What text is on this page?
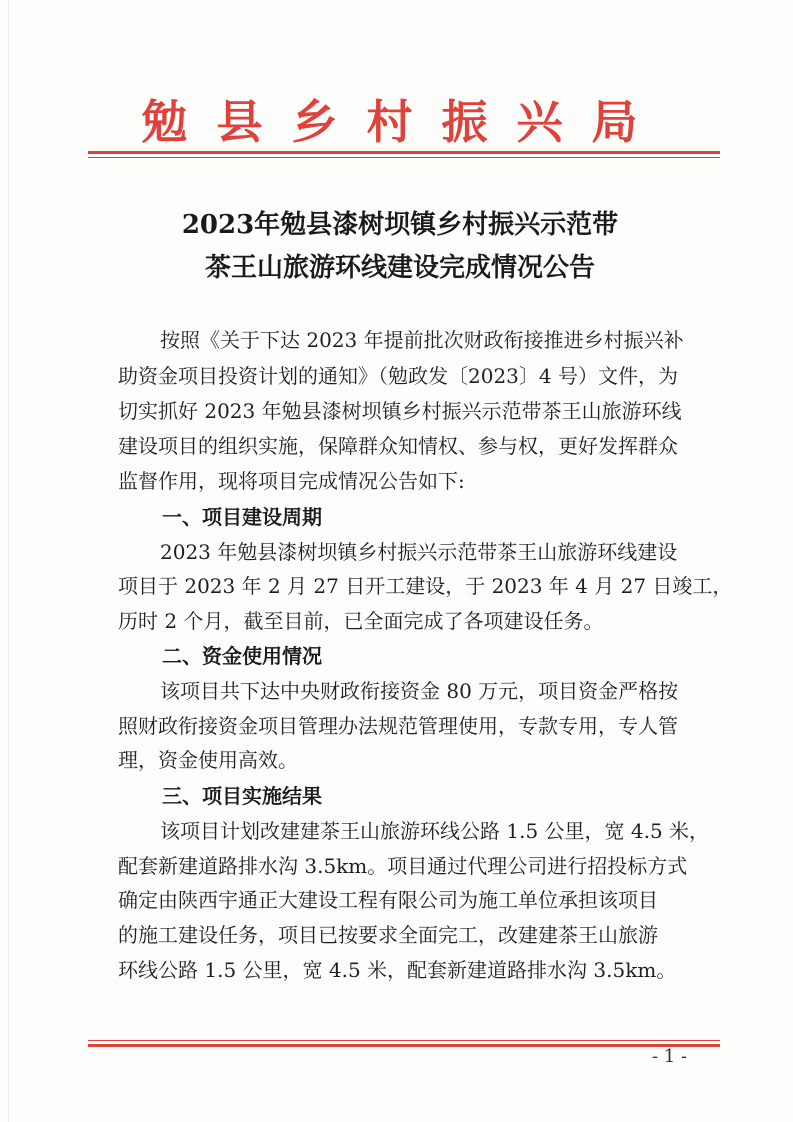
勉县乡村振兴局
2023年勉县漆树坝镇乡村振兴示范带
茶王山旅游环线建设完成情况公告
按照《关于下达 2023 年提前批次财政衔接推进乡村振兴补
助资金项目投资计划的通知》（勉政发〔2023〕4 号）文件，为
切实抓好 2023 年勉县漆树坝镇乡村振兴示范带茶王山旅游环线
建设项目的组织实施，保障群众知情权、参与权，更好发挥群众
监督作用，现将项目完成情况公告如下:
一、项目建设周期
2023 年勉县漆树坝镇乡村振兴示范带茶王山旅游环线建设
项目于 2023 年 2 月 27 日开工建设，于 2023 年 4 月 27 日竣工，
历时 2 个月，截至目前，已全面完成了各项建设任务。
二、资金使用情况
该项目共下达中央财政衔接资金 80 万元，项目资金严格按
照财政衔接资金项目管理办法规范管理使用，专款专用，专人管
理，资金使用高效。
三、项目实施结果
该项目计划改建建茶王山旅游环线公路 1.5 公里，宽 4.5 米，
配套新建道路排水沟 3.5km。项目通过代理公司进行招投标方式
确定由陕西宇通正大建设工程有限公司为施工单位承担该项目
的施工建设任务，项目已按要求全面完工，改建建茶王山旅游
环线公路 1.5 公里，宽 4.5 米，配套新建道路排水沟 3.5km。
- 1 -
